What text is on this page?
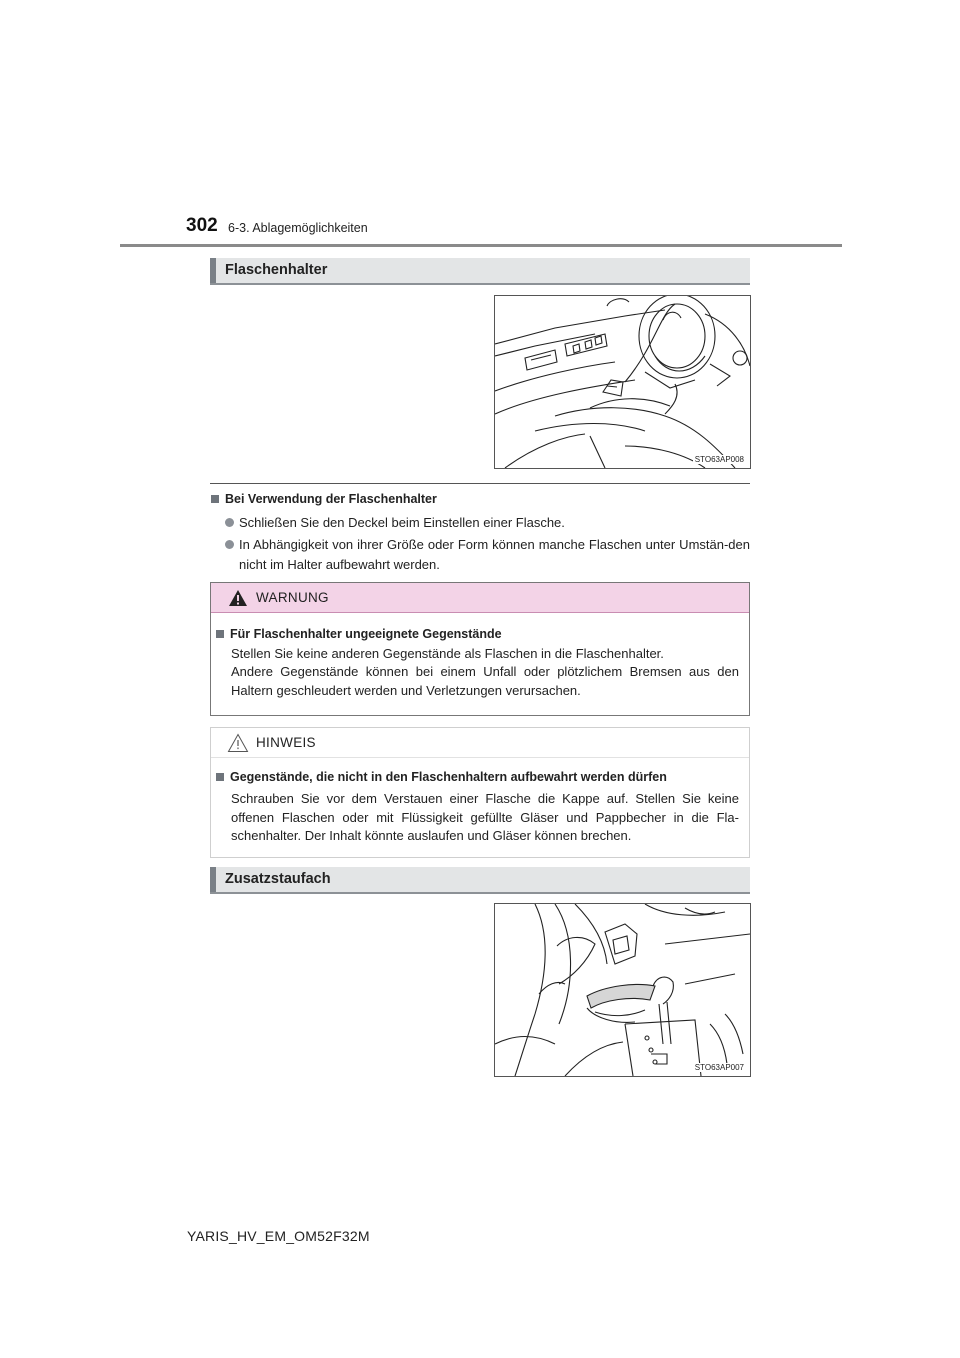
302 6-3. Ablagemöglichkeiten
Flaschenhalter
STO63AP008
Bei Verwendung der Flaschenhalter
Schließen Sie den Deckel beim Einstellen einer Flasche.
In Abhängigkeit von ihrer Größe oder Form können manche Flaschen unter Umstän-den nicht im Halter aufbewahrt werden.
WARNUNG
Für Flaschenhalter ungeeignete Gegenstände
Stellen Sie keine anderen Gegenstände als Flaschen in die Flaschenhalter.
Andere Gegenstände können bei einem Unfall oder plötzlichem Bremsen aus den Haltern geschleudert werden und Verletzungen verursachen.
HINWEIS
Gegenstände, die nicht in den Flaschenhaltern aufbewahrt werden dürfen
Schrauben Sie vor dem Verstauen einer Flasche die Kappe auf. Stellen Sie keine offenen Flaschen oder mit Flüssigkeit gefüllte Gläser und Pappbecher in die Fla-schenhalter. Der Inhalt könnte auslaufen und Gläser können brechen.
Zusatzstaufach
STO63AP007
YARIS_HV_EM_OM52F32M
